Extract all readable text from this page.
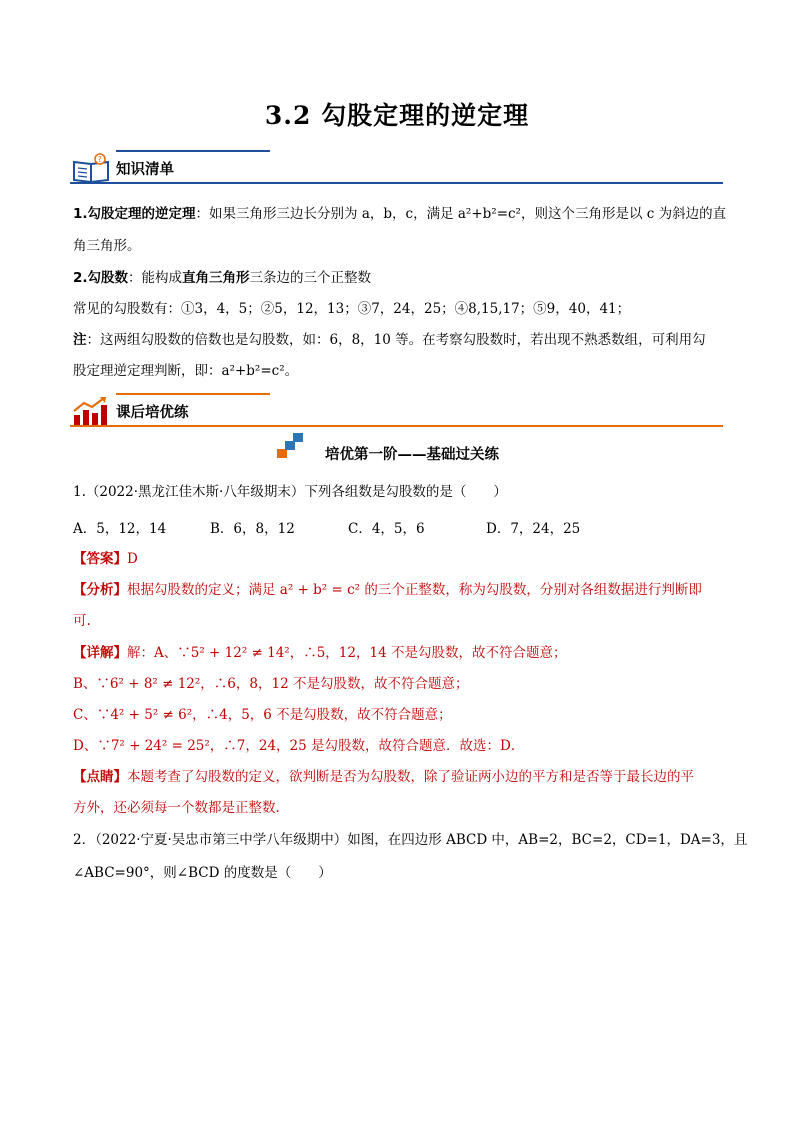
3.2 勾股定理的逆定理
?
知识清单
1.勾股定理的逆定理：如果三角形三边长分别为 a，b，c，满足 a²+b²=c²，则这个三角形是以 c 为斜边的直
角三角形。
2.勾股数：能构成直角三角形三条边的三个正整数
常见的勾股数有：①3，4，5；②5，12，13；③7，24，25；④8,15,17；⑤9，40，41；
注：这两组勾股数的倍数也是勾股数，如：6，8，10 等。在考察勾股数时，若出现不熟悉数组，可利用勾
股定理逆定理判断，即：a²+b²=c²。
课后培优练
培优第一阶——基础过关练
1.（2022·黑龙江佳木斯·八年级期末）下列各组数是勾股数的是（　　）
A．5，12，14	B．6，8，12	C．4，5，6	D．7，24，25
【答案】D
【分析】根据勾股数的定义；满足 a² + b² = c² 的三个正整数，称为勾股数，分别对各组数据进行判断即
可.
【详解】解：A、∵5² + 12² ≠ 14²，∴5，12，14 不是勾股数，故不符合题意；
B、∵6² + 8² ≠ 12²，∴6，8，12 不是勾股数，故不符合题意；
C、∵4² + 5² ≠ 6²，∴4，5，6 不是勾股数，故不符合题意；
D、∵7² + 24² = 25²，∴7，24，25 是勾股数，故符合题意．故选：D．
【点睛】本题考查了勾股数的定义，欲判断是否为勾股数，除了验证两小边的平方和是否等于最长边的平
方外，还必须每一个数都是正整数.
2．（2022·宁夏·吴忠市第三中学八年级期中）如图，在四边形 ABCD 中，AB=2，BC=2，CD=1，DA=3，且
∠ABC=90°，则∠BCD 的度数是（　　）
